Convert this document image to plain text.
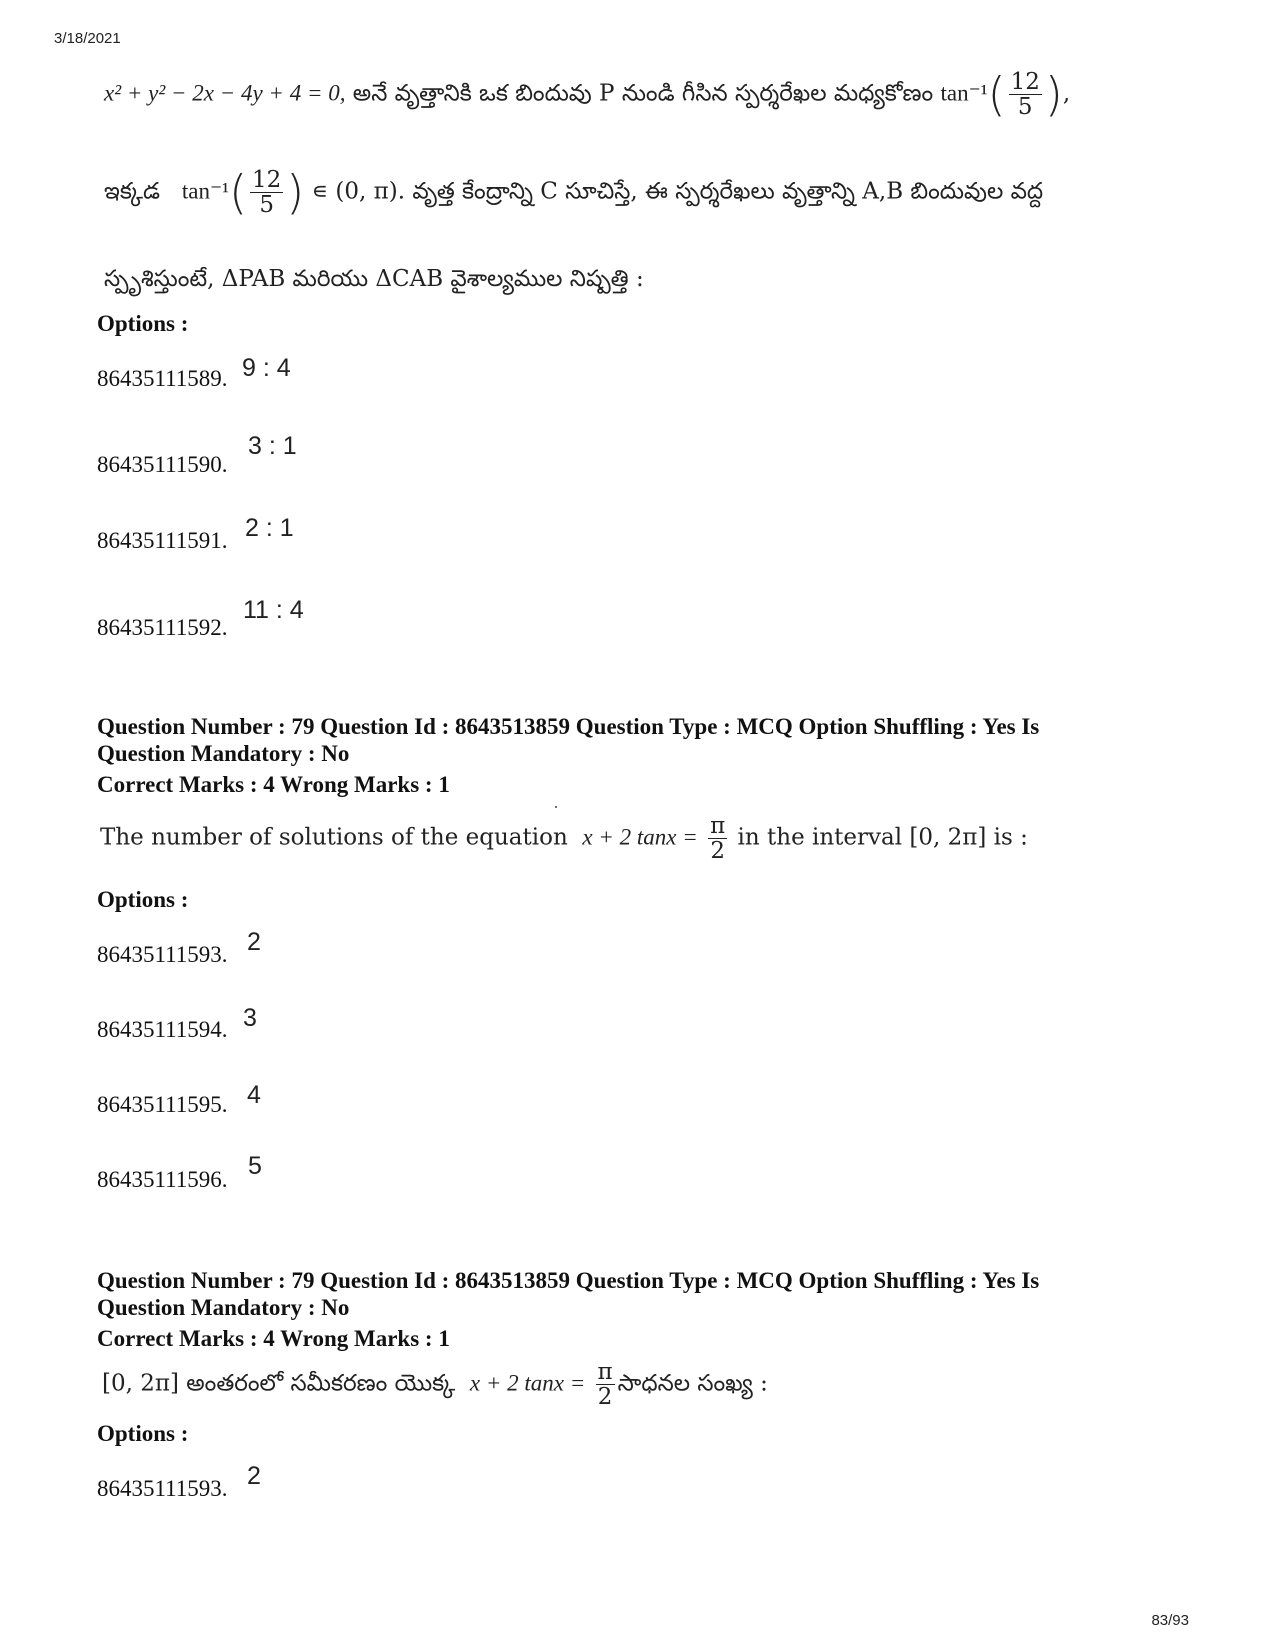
3/18/2021
83/93
x² + y² − 2x − 4y + 4 = 0, అనే వృత్తానికి ఒక బిందువు P నుండి గీసిన స్పర్శరేఖల మధ్యకోణం $\tan^{-1}( \frac{12}{5}$ ),
ఇక్కడ $\tan^{-1}( \frac{12}{5}$ ) ∊ (0, π). వృత్త కేంద్రాన్ని C సూచిస్తే, ఈ స్పర్శరేఖలు వృత్తాన్ని A,B బిందువుల వద్ద
స్పృశిస్తుంటే, ΔPAB మరియు ΔCAB వైశాల్యముల నిష్పత్తి :
Options :
86435111589. 9 : 4
86435111590.
3 : 1
86435111591. 2 : 1
86435111592.
11 : 4
Question Number : 79 Question Id : 8643513859 Question Type : MCQ Option Shuffling : Yes Is
Question Mandatory : No
Correct Marks : 4 Wrong Marks : 1
The number of solutions of the equation x + 2 $\tan x = \frac{\pi}{2}$ in the interval [0, 2π] is :
Options :
86435111593. 2
86435111594. 3
86435111595. 4
86435111596. 5
Question Number : 79 Question Id : 8643513859 Question Type : MCQ Option Shuffling : Yes Is
Question Mandatory : No
Correct Marks : 4 Wrong Marks : 1
[0, 2π] అంతరంలో సమీకరణం యొక్క x + 2 $\tan x = \frac{\pi}{2}$ సాధనల సంఖ్య :
Options :
86435111593. 2
